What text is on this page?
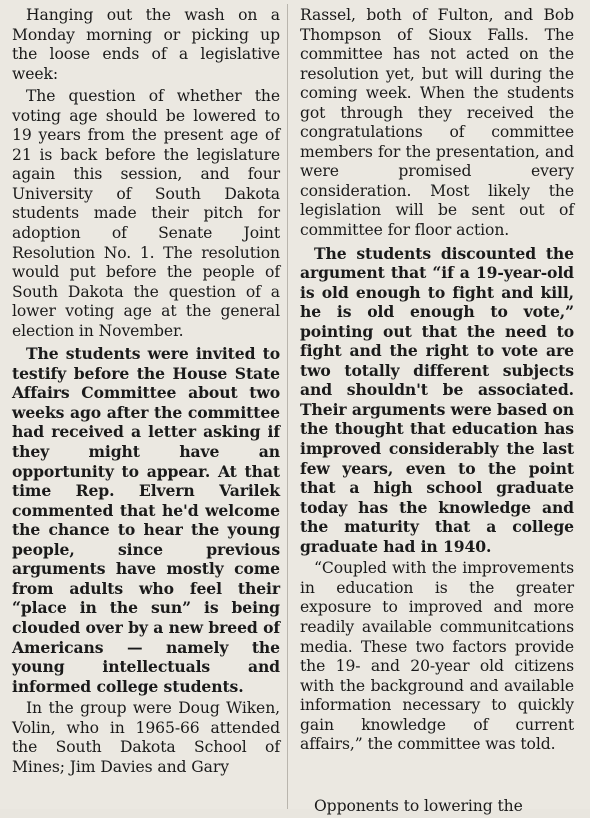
Hanging out the wash on a Monday morning or picking up the loose ends of a legislative week:

The question of whether the voting age should be lowered to 19 years from the present age of 21 is back before the legislature again this session, and four University of South Dakota students made their pitch for adoption of Senate Joint Resolution No. 1. The resolution would put before the people of South Dakota the question of a lower voting age at the general election in November.

The students were invited to testify before the House State Affairs Committee about two weeks ago after the committee had received a letter asking if they might have an opportunity to appear. At that time Rep. Elvern Varilek commented that he'd welcome the chance to hear the young people, since previous arguments have mostly come from adults who feel their “place in the sun” is being clouded over by a new breed of Americans — namely the young intellectuals and informed college students.

In the group were Doug Wiken, Volin, who in 1965-66 attended the South Dakota School of Mines; Jim Davies and Gary

Rassel, both of Fulton, and Bob Thompson of Sioux Falls. The committee has not acted on the resolution yet, but will during the coming week. When the students got through they received the congratulations of committee members for the presentation, and were promised every consideration. Most likely the legislation will be sent out of committee for floor action.

The students discounted the argument that “if a 19-year-old is old enough to fight and kill, he is old enough to vote,” pointing out that the need to fight and the right to vote are two totally different subjects and shouldn't be associated. Their arguments were based on the thought that education has improved considerably the last few years, even to the point that a high school graduate today has the knowledge and the maturity that a college graduate had in 1940.

“Coupled with the improvements in education is the greater exposure to improved and more readily available communitcations media. These two factors provide the 19- and 20-year old citizens with the background and available information necessary to quickly gain knowledge of current affairs,” the committee was told.

Opponents to lowering the
